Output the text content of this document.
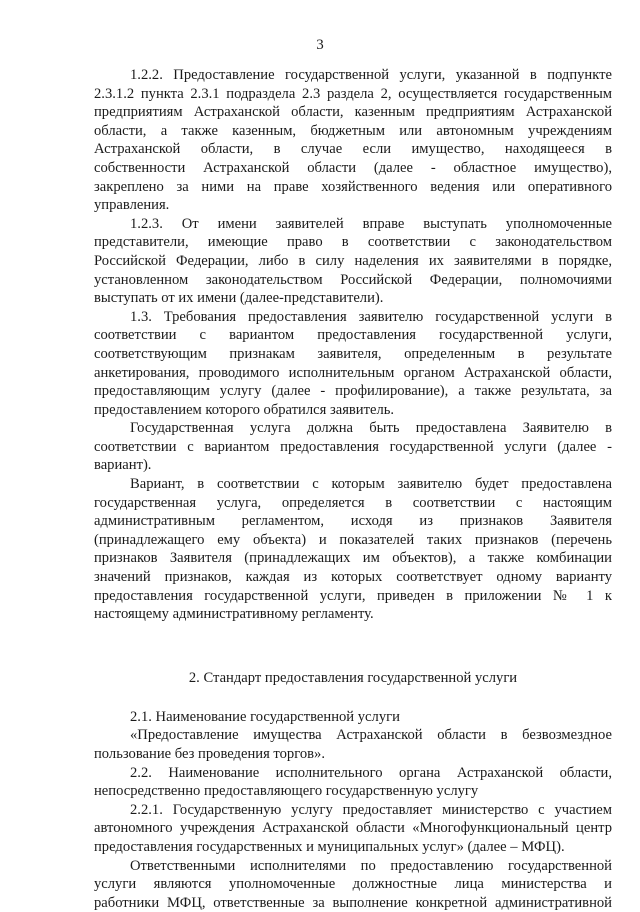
3
1.2.2. Предоставление государственной услуги, указанной в подпункте
2.3.1.2 пункта 2.3.1 подраздела 2.3 раздела 2, осуществляется государственным
предприятиям Астраханской области, казенным предприятиям Астраханской
области, а также казенным, бюджетным или автономным учреждениям
Астраханской области, в случае если имущество, находящееся в
собственности Астраханской области (далее - областное имущество),
закреплено за ними на праве хозяйственного ведения или оперативного
управления.
1.2.3. От имени заявителей вправе выступать уполномоченные
представители, имеющие право в соответствии с законодательством
Российской Федерации, либо в силу наделения их заявителями в порядке,
установленном законодательством Российской Федерации, полномочиями
выступать от их имени (далее-представители).
1.3. Требования предоставления заявителю государственной услуги в
соответствии с вариантом предоставления государственной услуги,
соответствующим признакам заявителя, определенным в результате
анкетирования, проводимого исполнительным органом Астраханской области,
предоставляющим услугу (далее - профилирование), а также результата, за
предоставлением которого обратился заявитель.
Государственная услуга должна быть предоставлена Заявителю в
соответствии с вариантом предоставления государственной услуги (далее -
вариант).
Вариант, в соответствии с которым заявителю будет предоставлена
государственная услуга, определяется в соответствии с настоящим
административным регламентом, исходя из признаков Заявителя
(принадлежащего ему объекта) и показателей таких признаков (перечень
признаков Заявителя (принадлежащих им объектов), а также комбинации
значений признаков, каждая из которых соответствует одному варианту
предоставления государственной услуги, приведен в приложении № 1 к
настоящему административному регламенту.
2. Стандарт предоставления государственной услуги
2.1. Наименование государственной услуги
«Предоставление имущества Астраханской области в безвозмездное
пользование без проведения торгов».
2.2. Наименование исполнительного органа Астраханской области,
непосредственно предоставляющего государственную услугу
2.2.1. Государственную услугу предоставляет министерство с участием
автономного учреждения Астраханской области «Многофункциональный центр
предоставления государственных и муниципальных услуг» (далее – МФЦ).
Ответственными исполнителями по предоставлению государственной
услуги являются уполномоченные должностные лица министерства и
работники МФЦ, ответственные за выполнение конкретной административной
